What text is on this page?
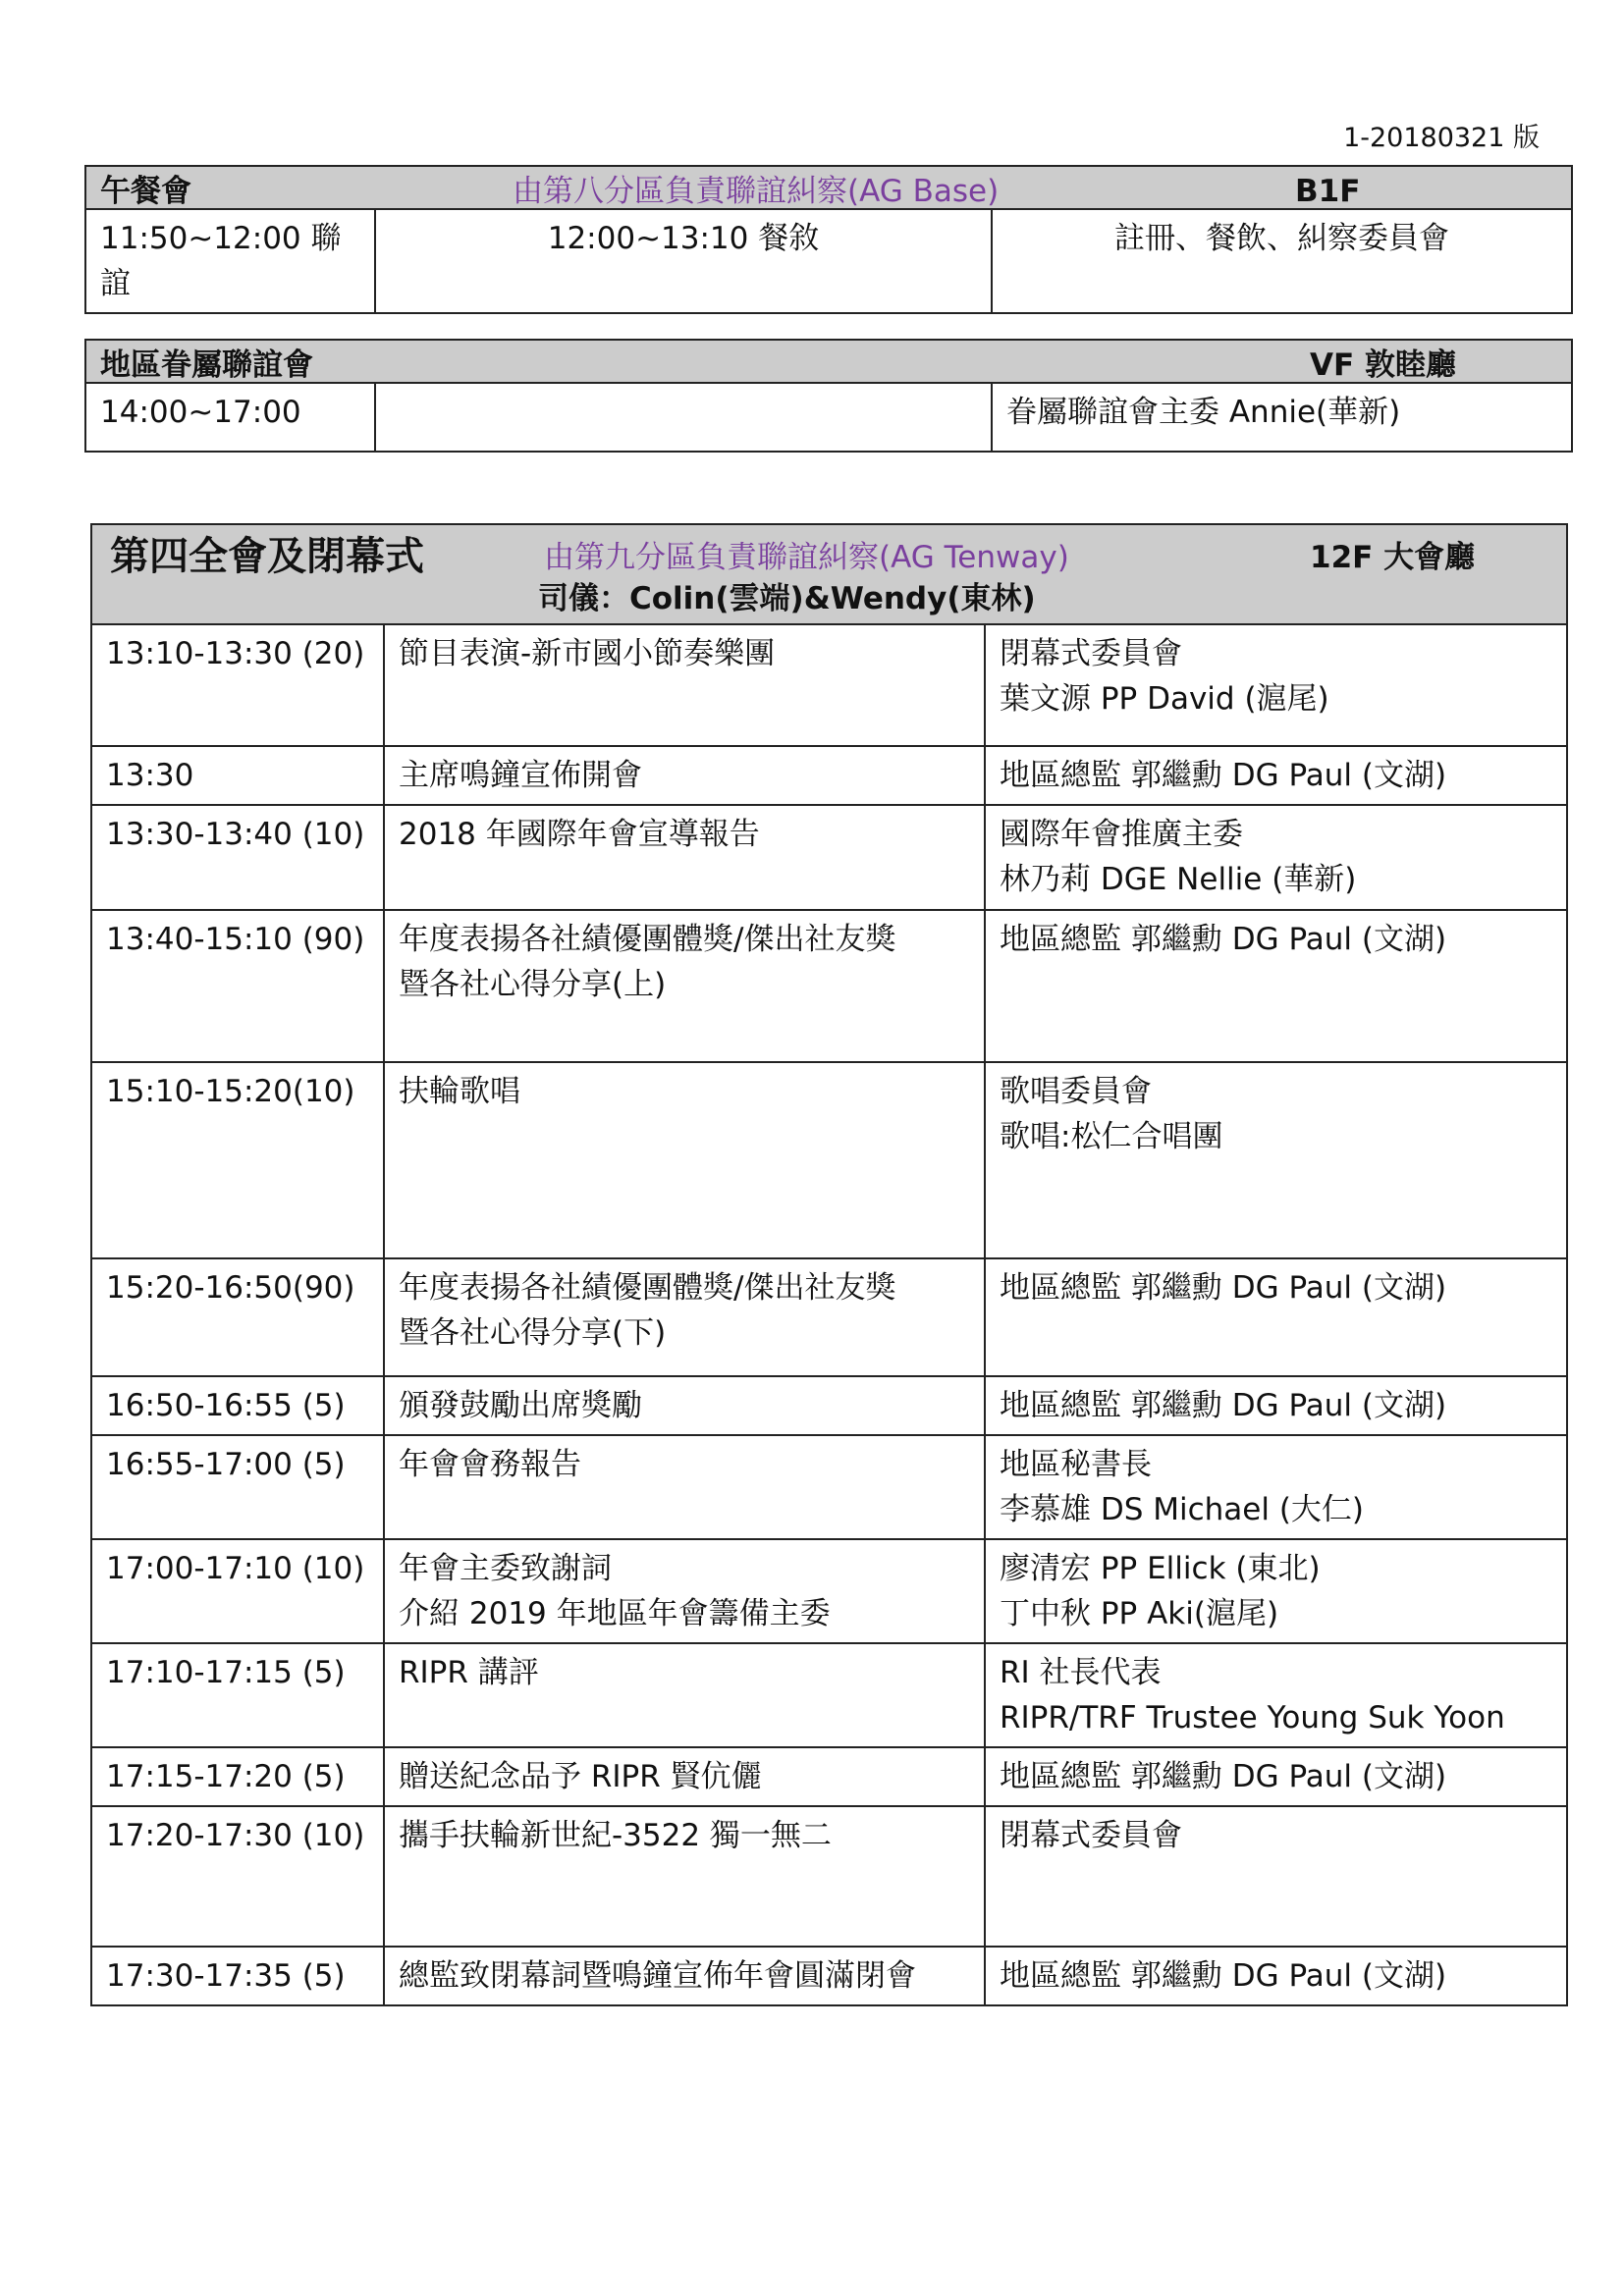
1-20180321 版
午餐會	由第八分區負責聯誼糾察(AG Base)	B1F

11:50~12:00 聯誼	12:00~13:10 餐敘	註冊、餐飲、糾察委員會
地區眷屬聯誼會	VF 敦睦廳

14:00~17:00		眷屬聯誼會主委 Annie(華新)
第四全會及閉幕式 由第九分區負責聯誼糾察(AG Tenway) 12F 大會廳
司儀：Colin(雲端)&Wendy(東林)		

13:10-13:30 (20)	節目表演-新市國小節奏樂團	閉幕式委員會
葉文源 PP David (滬尾)

13:30	主席鳴鐘宣佈開會	地區總監 郭繼勳 DG Paul (文湖)

13:30-13:40 (10)	2018 年國際年會宣導報告	國際年會推廣主委
林乃莉 DGE Nellie (華新)

13:40-15:10 (90)	年度表揚各社績優團體獎/傑出社友獎
暨各社心得分享(上)	地區總監 郭繼勳 DG Paul (文湖)

15:10-15:20(10)	扶輪歌唱	歌唱委員會
歌唱:松仁合唱團

15:20-16:50(90)	年度表揚各社績優團體獎/傑出社友獎
暨各社心得分享(下)	地區總監 郭繼勳 DG Paul (文湖)

16:50-16:55 (5)	頒發鼓勵出席獎勵	地區總監 郭繼勳 DG Paul (文湖)

16:55-17:00 (5)	年會會務報告	地區秘書長
李慕雄 DS Michael (大仁)

17:00-17:10 (10)	年會主委致謝詞
介紹 2019 年地區年會籌備主委	廖清宏 PP Ellick (東北)
丁中秋 PP Aki(滬尾)

17:10-17:15 (5)	RIPR 講評	RI 社長代表
RIPR/TRF Trustee Young Suk Yoon

17:15-17:20 (5)	贈送紀念品予 RIPR 賢伉儷	地區總監 郭繼勳 DG Paul (文湖)

17:20-17:30 (10)	攜手扶輪新世紀-3522 獨一無二	閉幕式委員會

17:30-17:35 (5)	總監致閉幕詞暨鳴鐘宣佈年會圓滿閉會	地區總監 郭繼勳 DG Paul (文湖)
